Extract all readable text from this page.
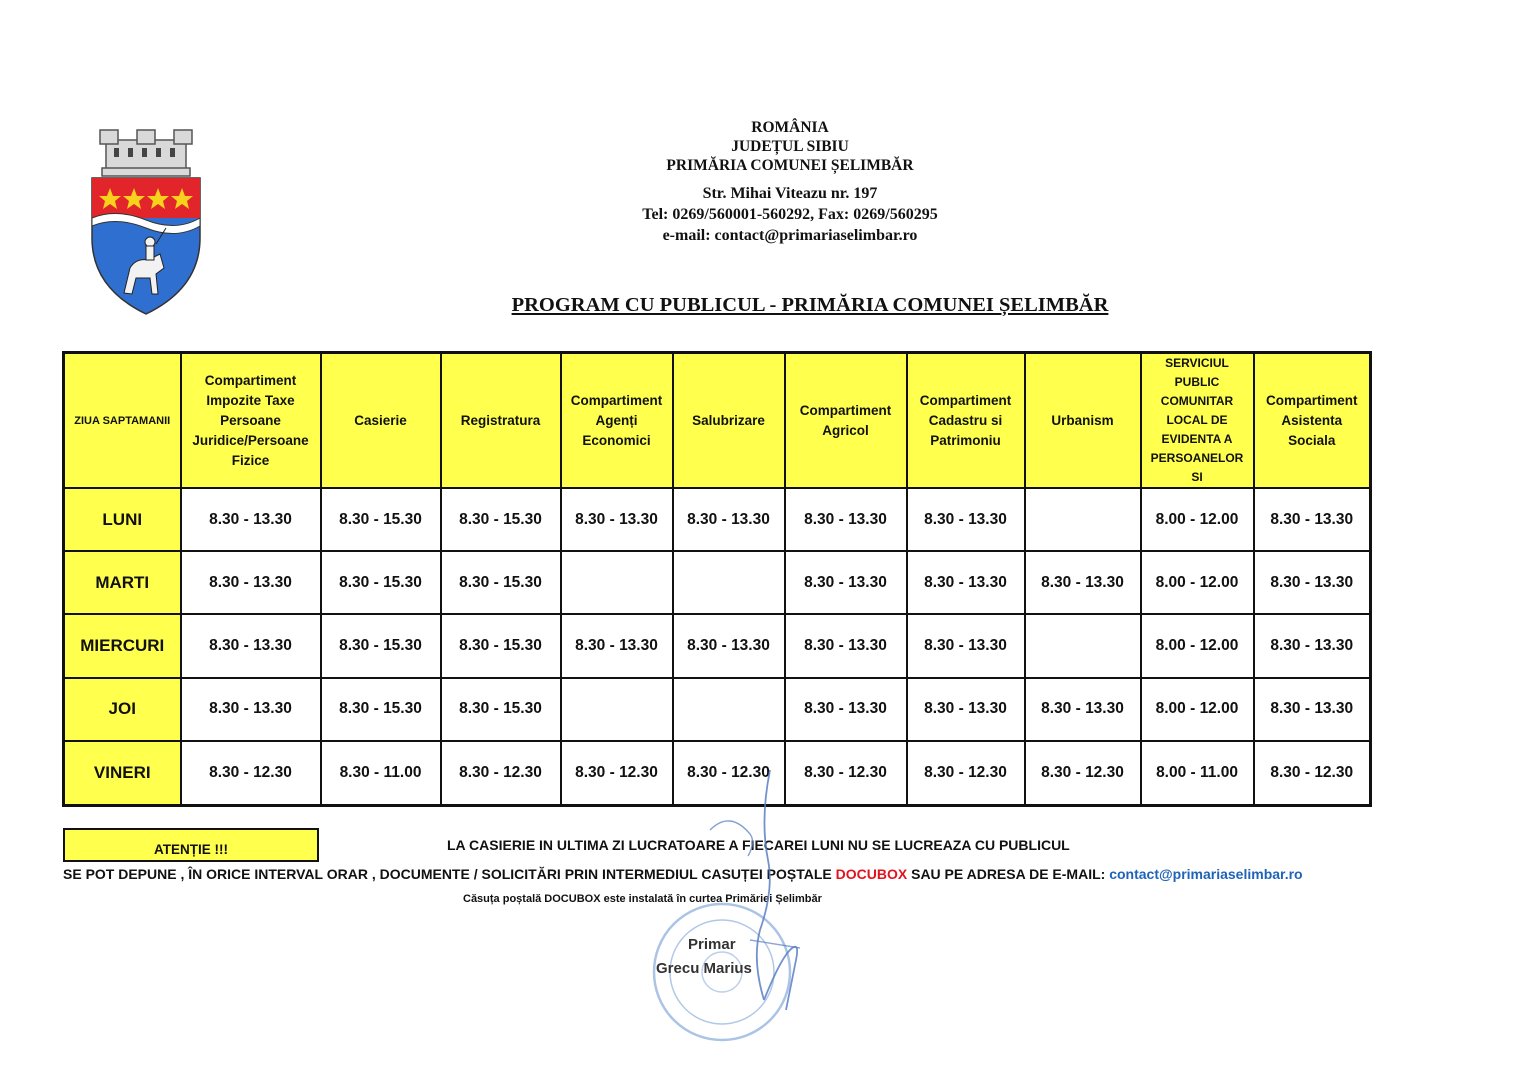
ROMÂNIA
JUDEȚUL SIBIU
PRIMĂRIA COMUNEI ȘELIMBĂR
Str. Mihai Viteazu nr. 197
Tel: 0269/560001-560292, Fax: 0269/560295
e-mail: contact@primariaselimbar.ro
PROGRAM CU PUBLICUL - PRIMĂRIA COMUNEI ȘELIMBĂR
ZIUA SAPTAMANII	Compartiment Impozite Taxe Persoane Juridice/Persoane Fizice	Casierie	Registratura	Compartiment Agenți Economici	Salubrizare	Compartiment Agricol	Compartiment Cadastru si Patrimoniu	Urbanism	SERVICIUL PUBLIC COMUNITAR LOCAL DE EVIDENTA A PERSOANELOR SI	Compartiment Asistenta Sociala
LUNI	8.30 - 13.30	8.30 - 15.30	8.30 - 15.30	8.30 - 13.30	8.30 - 13.30	8.30 - 13.30	8.30 - 13.30		8.00 - 12.00	8.30 - 13.30
MARTI	8.30 - 13.30	8.30 - 15.30	8.30 - 15.30			8.30 - 13.30	8.30 - 13.30	8.30 - 13.30	8.00 - 12.00	8.30 - 13.30
MIERCURI	8.30 - 13.30	8.30 - 15.30	8.30 - 15.30	8.30 - 13.30	8.30 - 13.30	8.30 - 13.30	8.30 - 13.30		8.00 - 12.00	8.30 - 13.30
JOI	8.30 - 13.30	8.30 - 15.30	8.30 - 15.30			8.30 - 13.30	8.30 - 13.30	8.30 - 13.30	8.00 - 12.00	8.30 - 13.30
VINERI	8.30 - 12.30	8.30 - 11.00	8.30 - 12.30	8.30 - 12.30	8.30 - 12.30	8.30 - 12.30	8.30 - 12.30	8.30 - 12.30	8.00 - 11.00	8.30 - 12.30
ATENȚIE !!!	LA CASIERIE IN ULTIMA ZI LUCRATOARE A FIECAREI LUNI NU SE LUCREAZA CU PUBLICUL
SE POT DEPUNE , ÎN ORICE INTERVAL ORAR , DOCUMENTE / SOLICITĂRI PRIN INTERMEDIUL CASUȚEI POȘTALE DOCUBOX SAU PE ADRESA DE E-MAIL: contact@primariaselimbar.ro
Căsuța poștală DOCUBOX este instalată în curtea Primăriei Șelimbăr
Primar
Grecu Marius
